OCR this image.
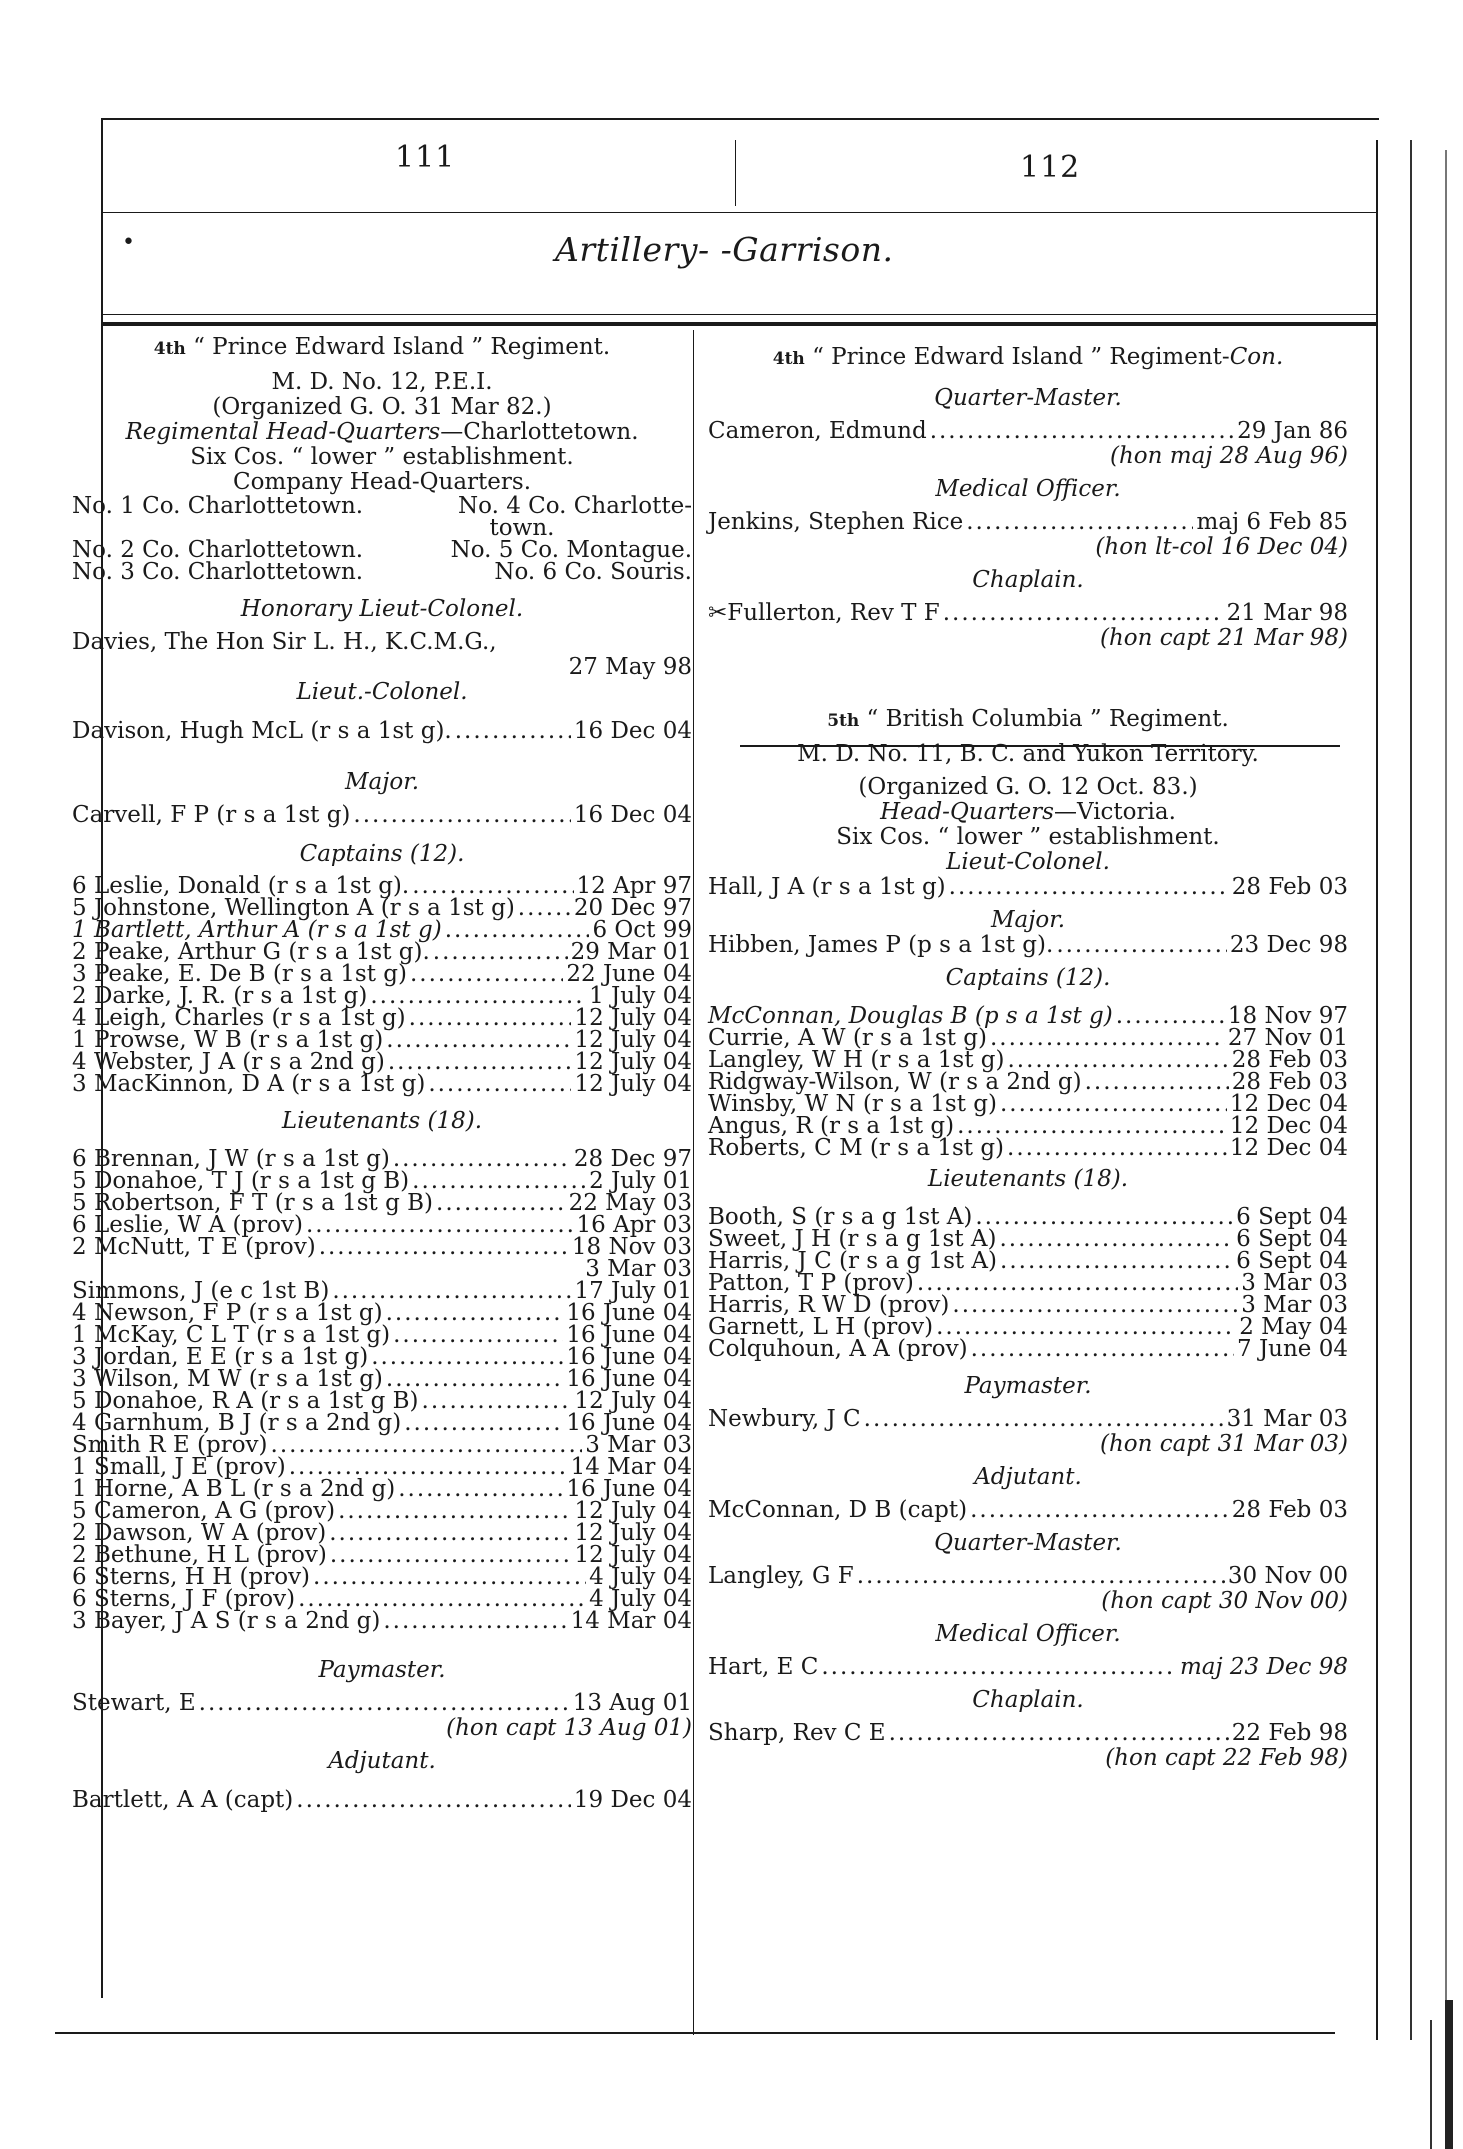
111	112
•	Artillery- -Garrison.
4th “ Prince Edward Island ” Regiment.
M. D. No. 12, P.E.I.
(Organized G. O. 31 Mar 82.)
Regimental Head-Quarters—Charlottetown.
Six Cos. “ lower ” establishment.
Company Head-Quarters.
No. 1 Co. Charlottetown.	No. 4 Co. Charlotte-
town.
No. 2 Co. Charlottetown.	No. 5 Co. Montague.
No. 3 Co. Charlottetown.	No. 6 Co. Souris.
Honorary Lieut-Colonel.
Davies, The Hon Sir L. H., K.C.M.G.,
27 May 98
Lieut.-Colonel.
Davison, Hugh McL (r s a 1st g). .....	16 Dec 04
Major.
Carvell, F P (r s a 1st g) .....	16 Dec 04
Captains (12).
6 Leslie, Donald (r s a 1st g). .....	12 Apr 97
5 Johnstone, Wellington A (r s a 1st g) .....	20 Dec 97
1 Bartlett, Arthur A (r s a 1st g) .....	6 Oct 99
2 Peake, Arthur G (r s a 1st g). .....	29 Mar 01
3 Peake, E. De B (r s a 1st g) .....	22 June 04
2 Darke, J. R. (r s a 1st g) .....	1 July 04
4 Leigh, Charles (r s a 1st g) .....	12 July 04
1 Prowse, W B (r s a 1st g) .....	12 July 04
4 Webster, J A (r s a 2nd g) .....	12 July 04
3 MacKinnon, D A (r s a 1st g) .....	12 July 04
Lieutenants (18).
6 Brennan, J W (r s a 1st g) .....	28 Dec 97
5 Donahoe, T J (r s a 1st g B) .....	2 July 01
5 Robertson, F T (r s a 1st g B) .....	22 May 03
6 Leslie, W A (prov) .....	16 Apr 03
2 McNutt, T E (prov) .....	18 Nov 03
3 Mar 03
Simmons, J (e c 1st B) .....	17 July 01
4 Newson, F P (r s a 1st g) .....	16 June 04
1 McKay, C L T (r s a 1st g) .....	16 June 04
3 Jordan, E E (r s a 1st g) .....	16 June 04
3 Wilson, M W (r s a 1st g) .....	16 June 04
5 Donahoe, R A (r s a 1st g B) .....	12 July 04
4 Garnhum, B J (r s a 2nd g) .....	16 June 04
Smith R E (prov) .....	3 Mar 03
1 Small, J E (prov) .....	14 Mar 04
1 Horne, A B L (r s a 2nd g) .....	16 June 04
5 Cameron, A G (prov) .....	12 July 04
2 Dawson, W A (prov) .....	12 July 04
2 Bethune, H L (prov) .....	12 July 04
6 Sterns, H H (prov) .....	4 July 04
6 Sterns, J F (prov) .....	4 July 04
3 Bayer, J A S (r s a 2nd g) .....	14 Mar 04
Paymaster.
Stewart, E .....	13 Aug 01
(hon capt 13 Aug 01)
Adjutant.
Bartlett, A A (capt) .....	19 Dec 04
4th “ Prince Edward Island ” Regiment-Con.
Quarter-Master.
Cameron, Edmund .....	29 Jan 86
(hon maj 28 Aug 96)
Medical Officer.
Jenkins, Stephen Rice .....	maj 6 Feb 85
(hon lt-col 16 Dec 04)
Chaplain.
✂Fullerton, Rev T F .....	21 Mar 98
(hon capt 21 Mar 98)
5th “ British Columbia ” Regiment.
M. D. No. 11, B. C. and Yukon Territory.
(Organized G. O. 12 Oct. 83.)
Head-Quarters—Victoria.
Six Cos. “ lower ” establishment.
Lieut-Colonel.
Hall, J A (r s a 1st g) .....	28 Feb 03
Major.
Hibben, James P (p s a 1st g). .....	23 Dec 98
Captains (12).
McConnan, Douglas B (p s a 1st g) .....	18 Nov 97
Currie, A W (r s a 1st g) .....	27 Nov 01
Langley, W H (r s a 1st g) .....	28 Feb 03
Ridgway-Wilson, W (r s a 2nd g) .....	28 Feb 03
Winsby, W N (r s a 1st g) .....	12 Dec 04
Angus, R (r s a 1st g) .....	12 Dec 04
Roberts, C M (r s a 1st g) .....	12 Dec 04
Lieutenants (18).
Booth, S (r s a g 1st A) .....	6 Sept 04
Sweet, J H (r s a g 1st A) .....	6 Sept 04
Harris, J C (r s a g 1st A) .....	6 Sept 04
Patton, T P (prov) .....	3 Mar 03
Harris, R W D (prov) .....	3 Mar 03
Garnett, L H (prov) .....	2 May 04
Colquhoun, A A (prov) .....	7 June 04
Paymaster.
Newbury, J C .....	31 Mar 03
(hon capt 31 Mar 03)
Adjutant.
McConnan, D B (capt) .....	28 Feb 03
Quarter-Master.
Langley, G F .....	30 Nov 00
(hon capt 30 Nov 00)
Medical Officer.
Hart, E C .....	maj 23 Dec 98
Chaplain.
Sharp, Rev C E .....	22 Feb 98
(hon capt 22 Feb 98)
